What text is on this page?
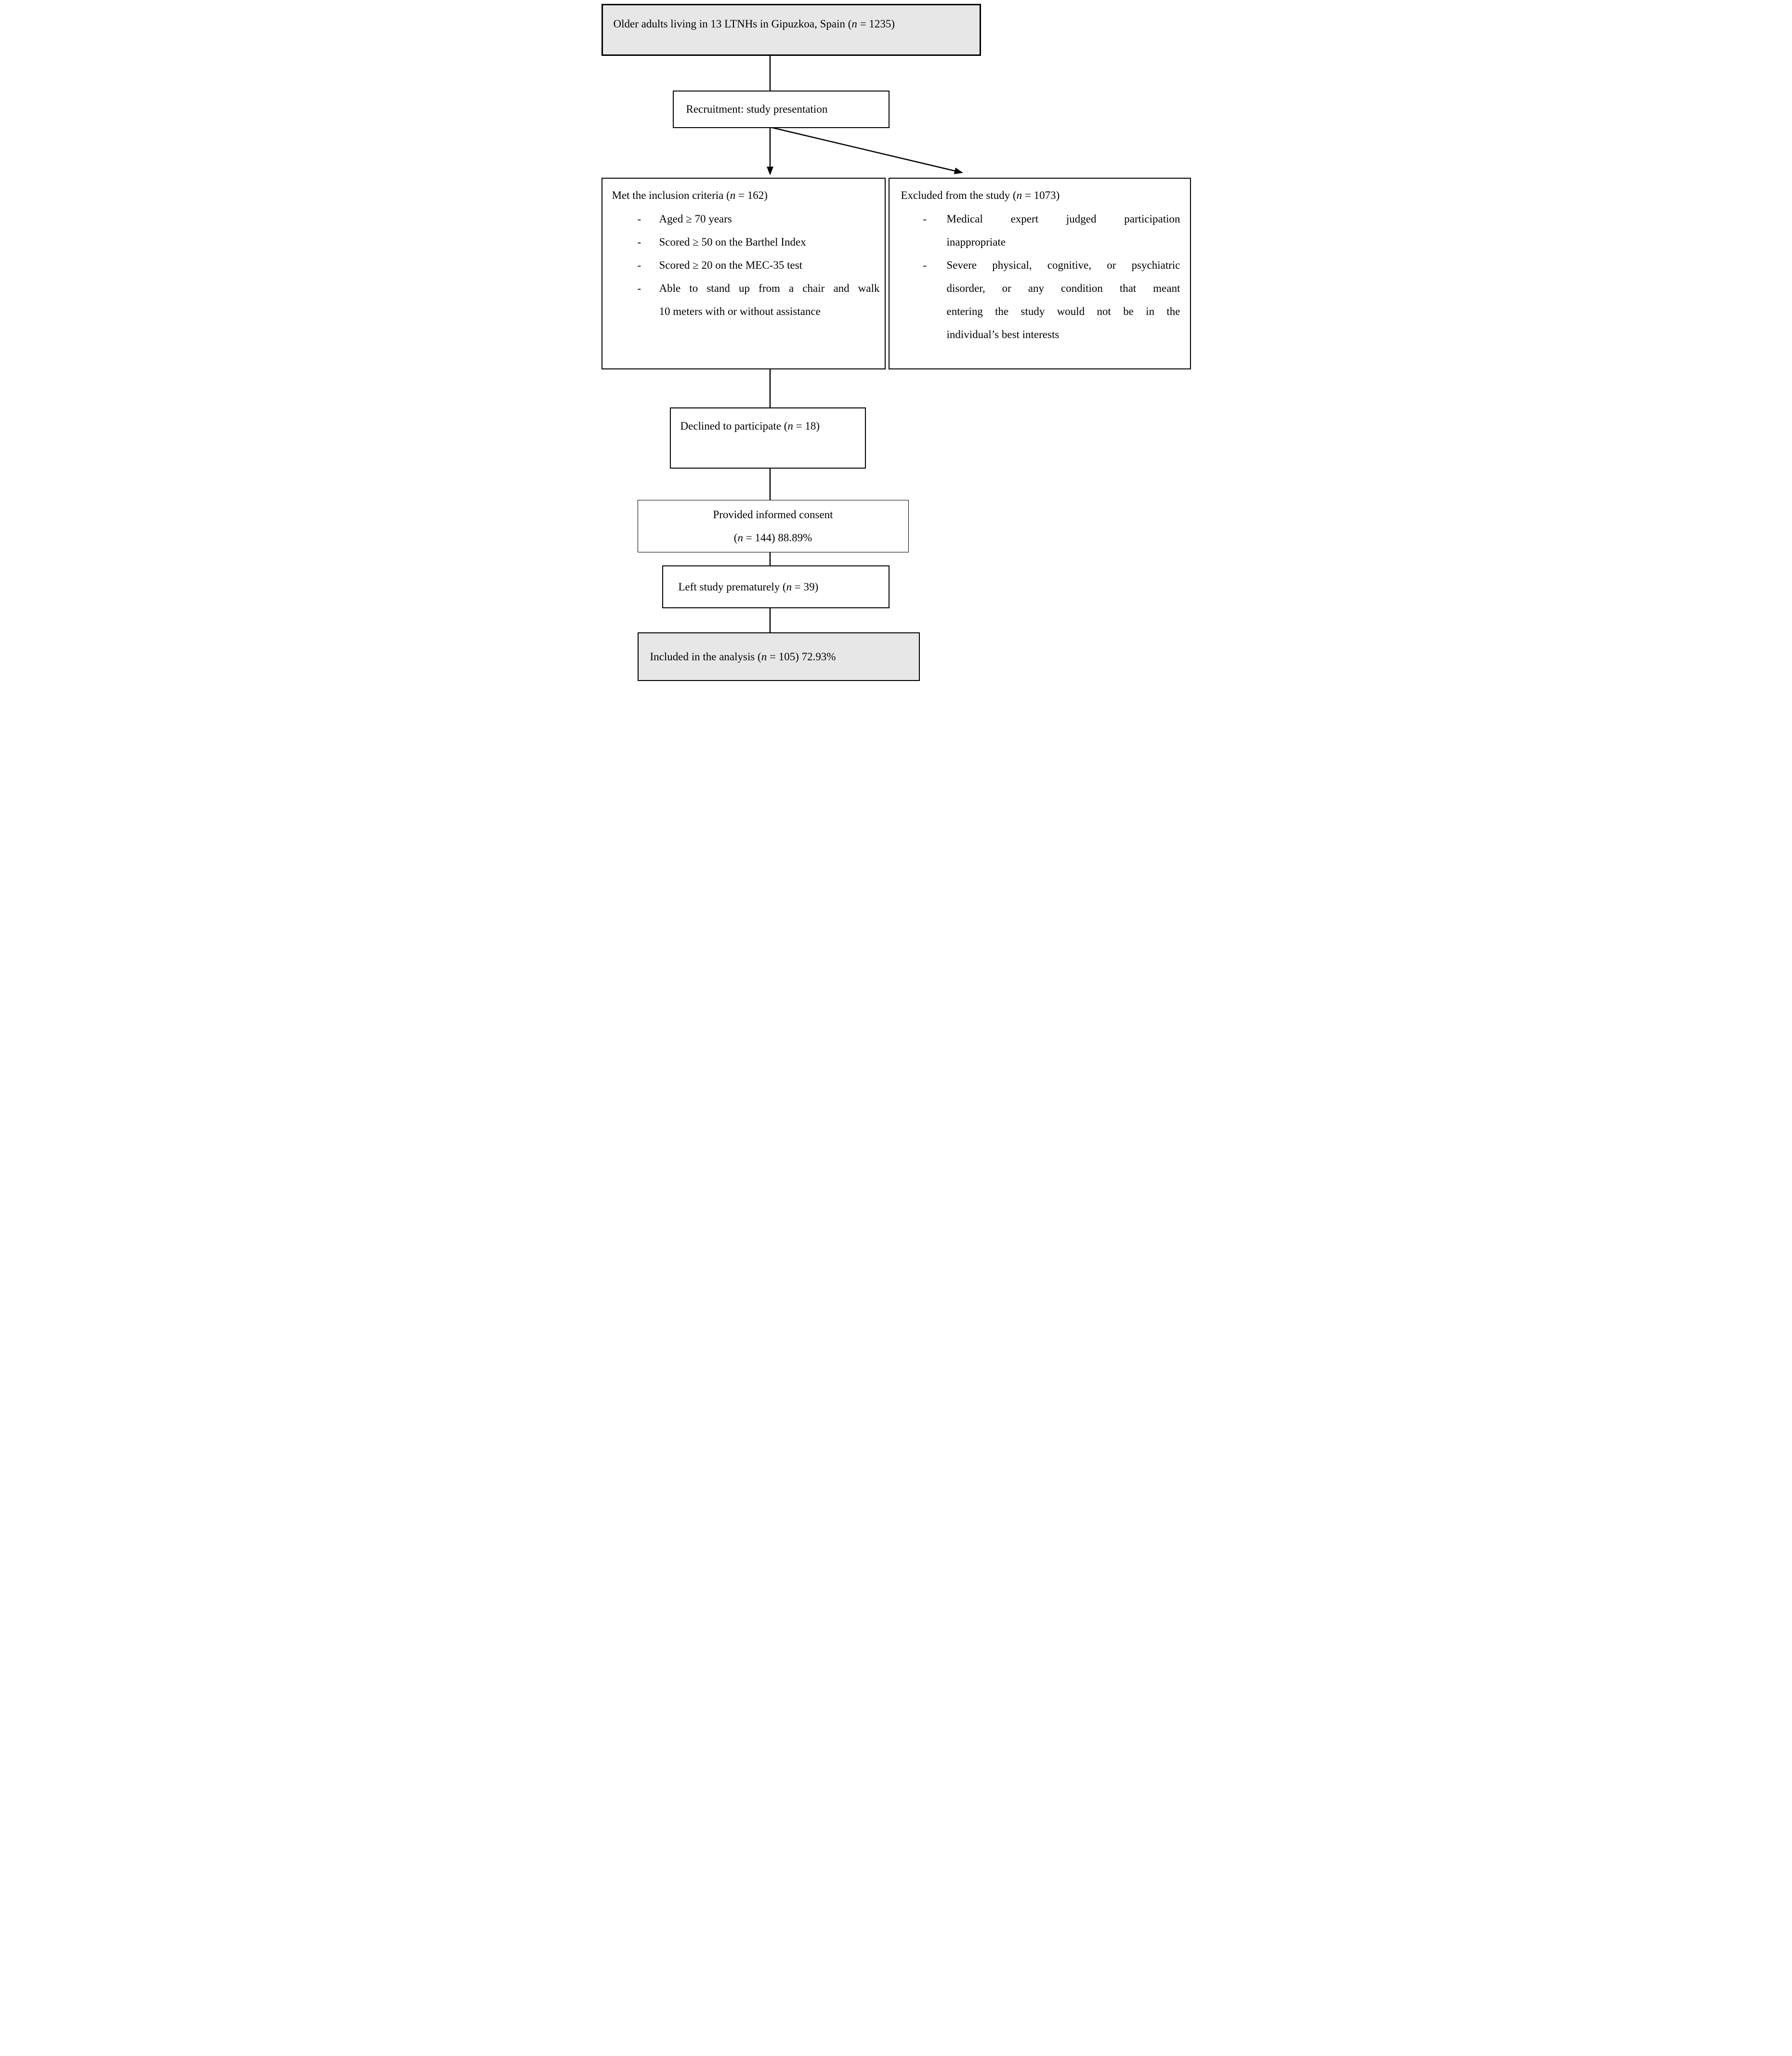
Older adults living in 13 LTNHs in Gipuzkoa, Spain (n = 1235)
Recruitment: study presentation
Met the inclusion criteria (n = 162)
-	Aged ≥ 70 years
-	Scored ≥ 50 on the Barthel Index
-	Scored ≥ 20 on the MEC-35 test
-	Able to stand up from a chair and walk
10 meters with or without assistance
Excluded from the study (n = 1073)
-	Medical expert judged participation
inappropriate
-	Severe physical, cognitive, or psychiatric
disorder, or any condition that meant
entering the study would not be in the
individual’s best interests
Declined to participate (n = 18)
Provided informed consent
(n = 144) 88.89%
Left study prematurely (n = 39)
Included in the analysis (n = 105) 72.93%
